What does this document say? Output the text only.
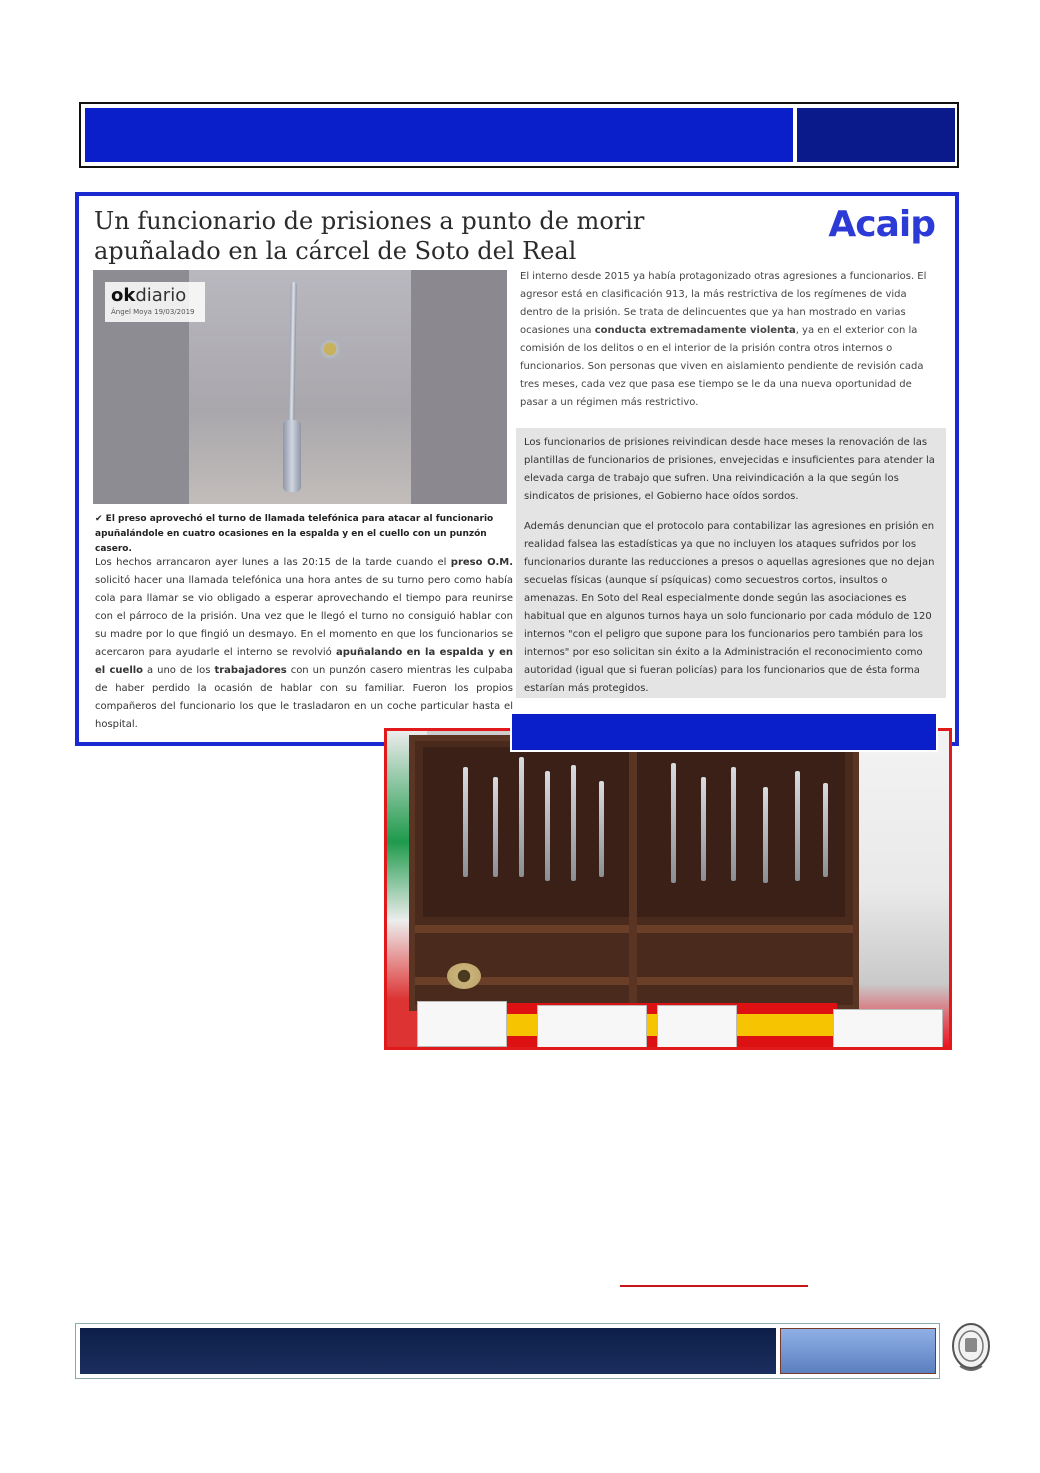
Un funcionario de prisiones a punto de morir apuñalado en la cárcel de Soto del Real
Acaip
okdiario
Ángel Moya 19/03/2019
✔ El preso aprovechó el turno de llamada telefónica para atacar al funcionario apuñalándole en cuatro ocasiones en la espalda y en el cuello con un punzón casero.
Los hechos arrancaron ayer lunes a las 20:15 de la tarde cuando el preso O.M. solicitó hacer una llamada telefónica una hora antes de su turno pero como había cola para llamar se vio obligado a esperar aprovechando el tiempo para reunirse con el párroco de la prisión. Una vez que le llegó el turno no consiguió hablar con su madre por lo que fingió un desmayo. En el momento en que los funcionarios se acercaron para ayudarle el interno se revolvió apuñalando en la espalda y en el cuello a uno de los trabajadores con un punzón casero mientras les culpaba de haber perdido la ocasión de hablar con su familiar. Fueron los propios compañeros del funcionario los que le trasladaron en un coche particular hasta el hospital.
El interno desde 2015 ya había protagonizado otras agresiones a funcionarios. El agresor está en clasificación 913, la más restrictiva de los regímenes de vida dentro de la prisión. Se trata de delincuentes que ya han mostrado en varias ocasiones una conducta extremadamente violenta, ya en el exterior con la comisión de los delitos o en el interior de la prisión contra otros internos o funcionarios. Son personas que viven en aislamiento pendiente de revisión cada tres meses, cada vez que pasa ese tiempo se le da una nueva oportunidad de pasar a un régimen más restrictivo.

Los funcionarios de prisiones reivindican desde hace meses la renovación de las plantillas de funcionarios de prisiones, envejecidas e insuficientes para atender la elevada carga de trabajo que sufren. Una reivindicación a la que según los sindicatos de prisiones, el Gobierno hace oídos sordos.

Además denuncian que el protocolo para contabilizar las agresiones en prisión en realidad falsea las estadísticas ya que no incluyen los ataques sufridos por los funcionarios durante las reducciones a presos o aquellas agresiones que no dejan secuelas físicas (aunque sí psíquicas) como secuestros cortos, insultos o amenazas. En Soto del Real especialmente donde según las asociaciones es habitual que en algunos turnos haya un solo funcionario por cada módulo de 120 internos "con el peligro que supone para los funcionarios pero también para los internos" por eso solicitan sin éxito a la Administración el reconocimiento como autoridad (igual que si fueran policías) para los funcionarios que de ésta forma estarían más protegidos.
